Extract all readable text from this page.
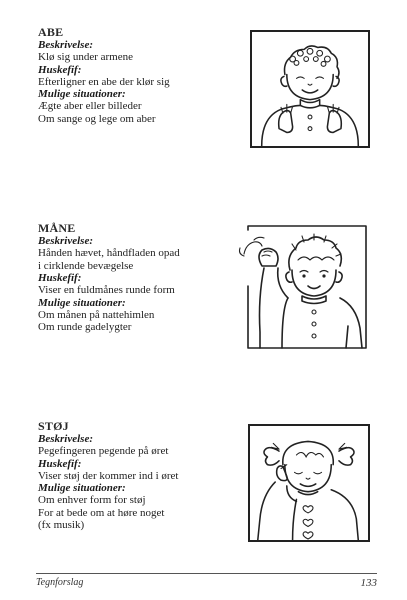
ABE
Beskrivelse:
Klø sig under armene
Huskefif:
Efterligner en abe der klør sig
Mulige situationer:
Ægte aber eller billeder
Om sange og lege om aber
MÅNE
Beskrivelse:
Hånden hævet, håndfladen opad
i cirklende bevægelse
Huskefif:
Viser en fuldmånes runde form
Mulige situationer:
Om månen på nattehimlen
Om runde gadelygter
STØJ
Beskrivelse:
Pegefingeren pegende på øret
Huskefif:
Viser støj der kommer ind i øret
Mulige situationer:
Om enhver form for støj
For at bede om at høre noget
(fx musik)
Tegnforslag	133
